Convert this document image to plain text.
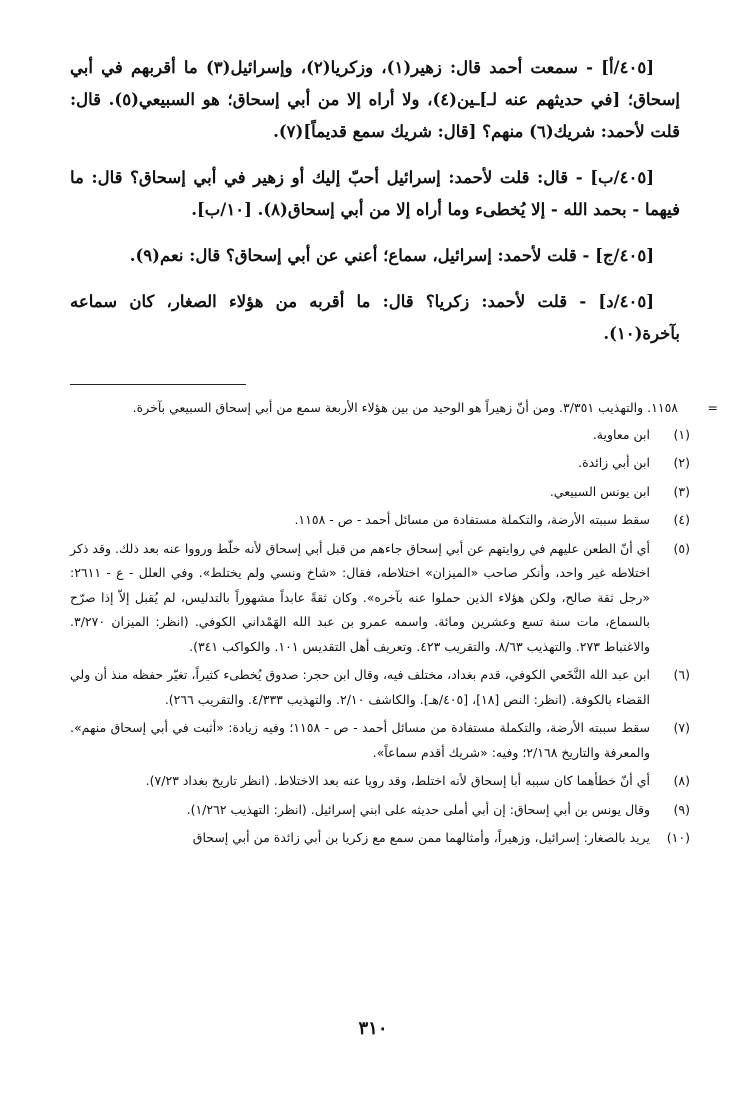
[٤٠٥/أ] - سمعت أحمد قال: زهير(١)، وزكريا(٢)، وإسرائيل(٣) ما أقربهم في أبي إسحاق؛ [في حديثهم عنه لـ]ـين(٤)، ولا أراه إلا من أبي إسحاق؛ هو السبيعي(٥). قال: قلت لأحمد: شريك(٦) منهم؟ [قال: شريك سمع قديماً](٧).

[٤٠٥/ب] - قال: قلت لأحمد: إسرائيل أحبّ إليك أو زهير في أبي إسحاق؟ قال: ما فيهما - بحمد الله - إلا يُخطىء وما أراه إلا من أبي إسحاق(٨). [١٠/ب].

[٤٠٥/ج] - قلت لأحمد: إسرائيل، سماع؛ أعني عن أبي إسحاق؟ قال: نعم(٩).

[٤٠٥/د] - قلت لأحمد: زكريا؟ قال: ما أقربه من هؤلاء الصغار، كان سماعه بآخرة(١٠).

=
١١٥٨. والتهذيب ٣/٣٥١. ومن أنّ زهيراً هو الوحيد من بين هؤلاء الأربعة سمع من أبي إسحاق السبيعي بآخرة.
(١)
ابن معاوية.
(٢)
ابن أبي زائدة.
(٣)
ابن يونس السبيعي.
(٤)
سقط سببته الأرضة، والتكملة مستفادة من مسائل أحمد - ص - ١١٥٨.
(٥)
أي أنّ الطعن عليهم في روايتهم عن أبي إسحاق جاءهم من قبل أبي إسحاق لأنه خلّط ورووا عنه بعد ذلك. وقد ذكر اختلاطه غير واحد، وأنكر صاحب «الميزان» اختلاطه، فقال: «شاخ ونسي ولم يختلط». وفي العلل - ع - ٢٦١١: «رجل ثقة صالح، ولكن هؤلاء الذين حملوا عنه بآخره». وكان ثقةً عابداً مشهوراً بالتدليس، لم يُقبل إلاّ إذا صرّح بالسماع، مات سنة تسع وعشرين ومائة. واسمه عمرو بن عبد الله الهَمْداني الكوفي. (انظر: الميزان ٣/٢٧٠. والاغتباط ٢٧٣. والتهذيب ٨/٦٣. والتقريب ٤٢٣. وتعريف أهل التقديس ١٠١. والكواكب ٣٤١).
(٦)
ابن عبد الله النَّخَعي الكوفي، قدم بغداد، مختلف فيه، وقال ابن حجر: صدوق يُخطىء كثيراً، تغيّر حفظه منذ أن ولي القضاء بالكوفة. (انظر: النص [١٨]، [٤٠٥/هـ]. والكاشف ٢/١٠. والتهذيب ٤/٣٣٣. والتقريب ٢٦٦).
(٧)
سقط سببته الأرضة، والتكملة مستفادة من مسائل أحمد - ص - ١١٥٨؛ وفيه زيادة: «أثبت في أبي إسحاق منهم». والمعرفة والتاريخ ٢/١٦٨؛ وفيه: «شريك أقدم سماعاً».
(٨)
أي أنّ خطأهما كان سببه أبا إسحاق لأنه اختلط، وقد رويا عنه بعد الاختلاط. (انظر تاريخ بغداد ٧/٢٣).
(٩)
وقال يونس بن أبي إسحاق: إن أبي أملى حديثه على ابني إسرائيل. (انظر: التهذيب ١/٢٦٢).
(١٠)
يريد بالصغار: إسرائيل، وزهيراً، وأمثالهما ممن سمع مع زكريا بن أبي زائدة من أبي إسحاق
٣١٠
